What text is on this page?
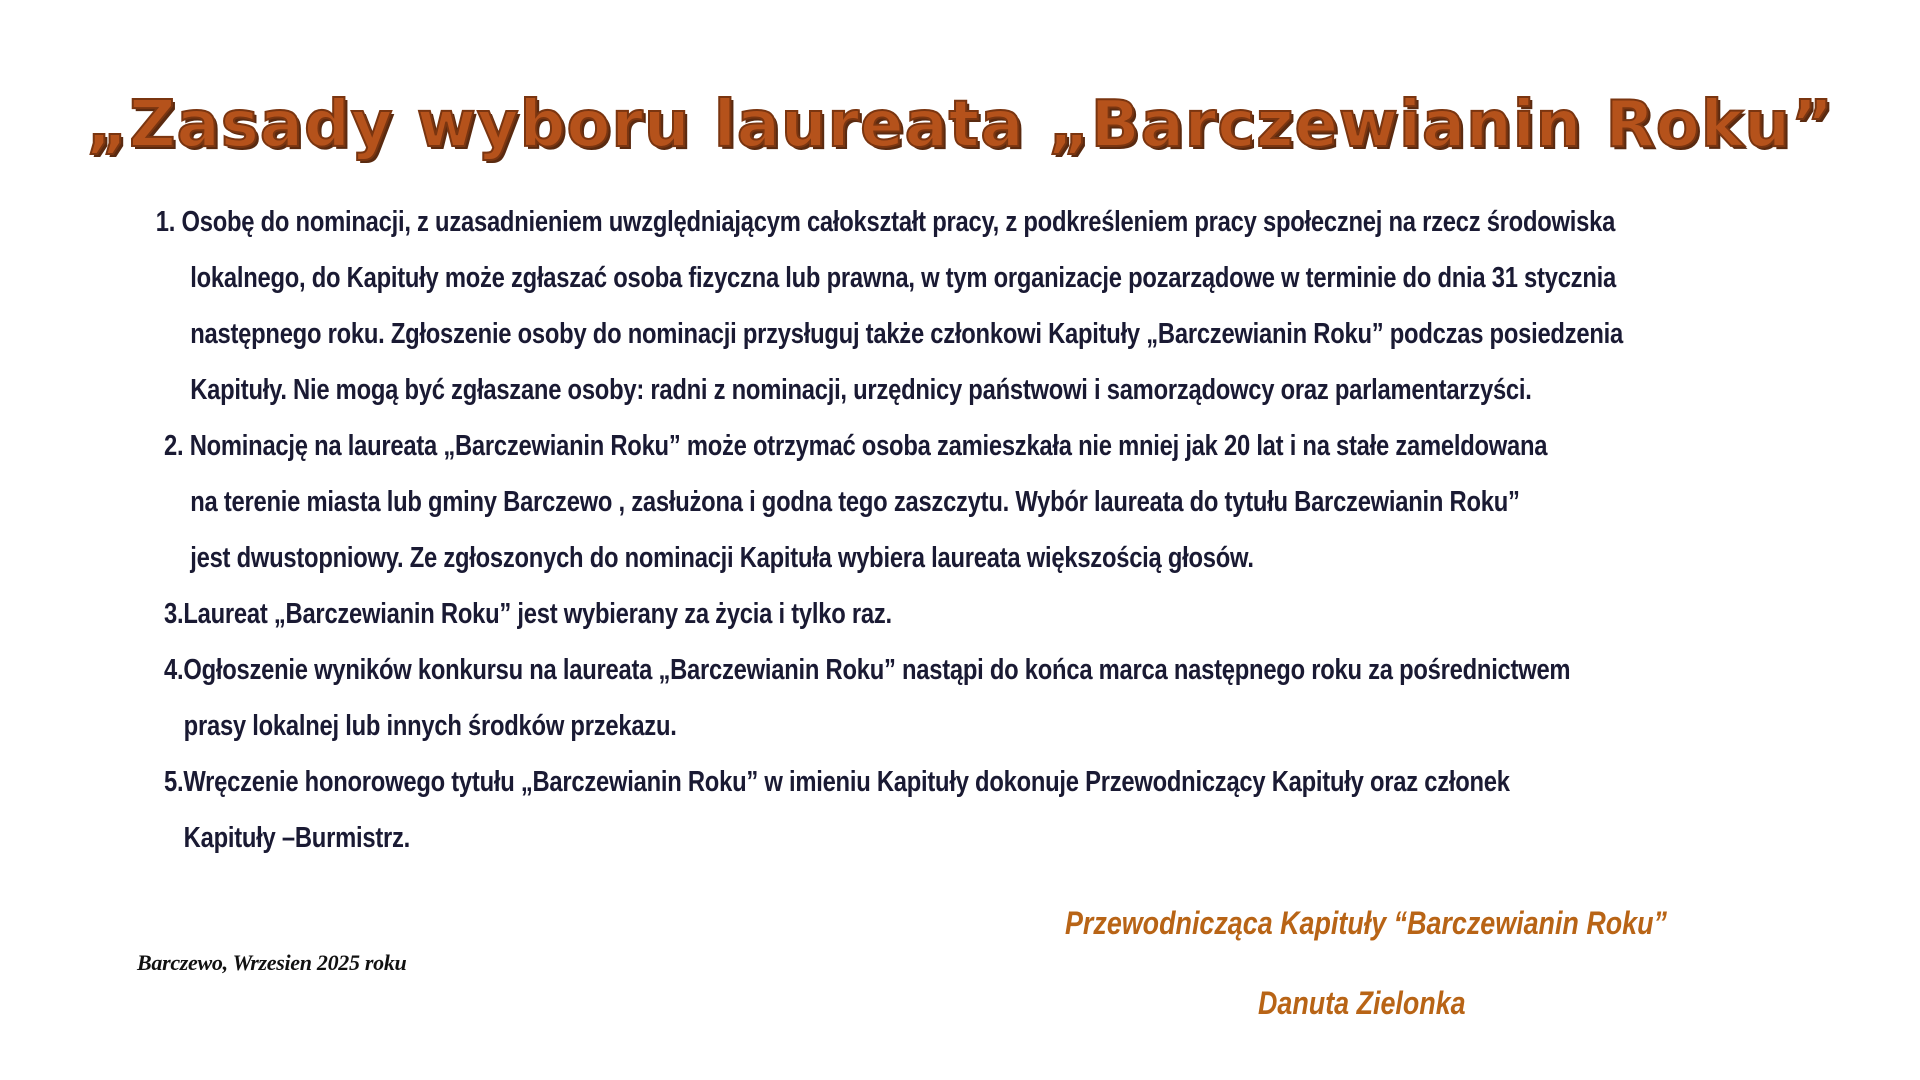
„Zasady wyboru laureata „Barczewianin Roku”
1. Osobę do nominacji, z uzasadnieniem uwzględniającym całokształt pracy, z podkreśleniem pracy społecznej na rzecz środowiska
lokalnego, do Kapituły może zgłaszać osoba fizyczna lub prawna, w tym organizacje pozarządowe w terminie do dnia 31 stycznia
następnego roku. Zgłoszenie osoby do nominacji przysługuj także członkowi Kapituły „Barczewianin Roku” podczas posiedzenia
Kapituły. Nie mogą być zgłaszane osoby: radni z nominacji, urzędnicy państwowi i samorządowcy oraz parlamentarzyści.
2. Nominację na laureata „Barczewianin Roku” może otrzymać osoba zamieszkała nie mniej jak 20 lat i na stałe zameldowana
na terenie miasta lub gminy Barczewo , zasłużona i godna tego zaszczytu. Wybór laureata do tytułu Barczewianin Roku”
jest dwustopniowy. Ze zgłoszonych do nominacji Kapituła wybiera laureata większością głosów.
3.Laureat „Barczewianin Roku” jest wybierany za życia i tylko raz.
4.Ogłoszenie wyników konkursu na laureata „Barczewianin Roku” nastąpi do końca marca następnego roku za pośrednictwem
prasy lokalnej lub innych środków przekazu.
5.Wręczenie honorowego tytułu „Barczewianin Roku” w imieniu Kapituły dokonuje Przewodniczący Kapituły oraz członek
Kapituły –Burmistrz.
Barczewo, Wrzesien 2025 roku
Przewodnicząca Kapituły “Barczewianin Roku”
Danuta Zielonka
